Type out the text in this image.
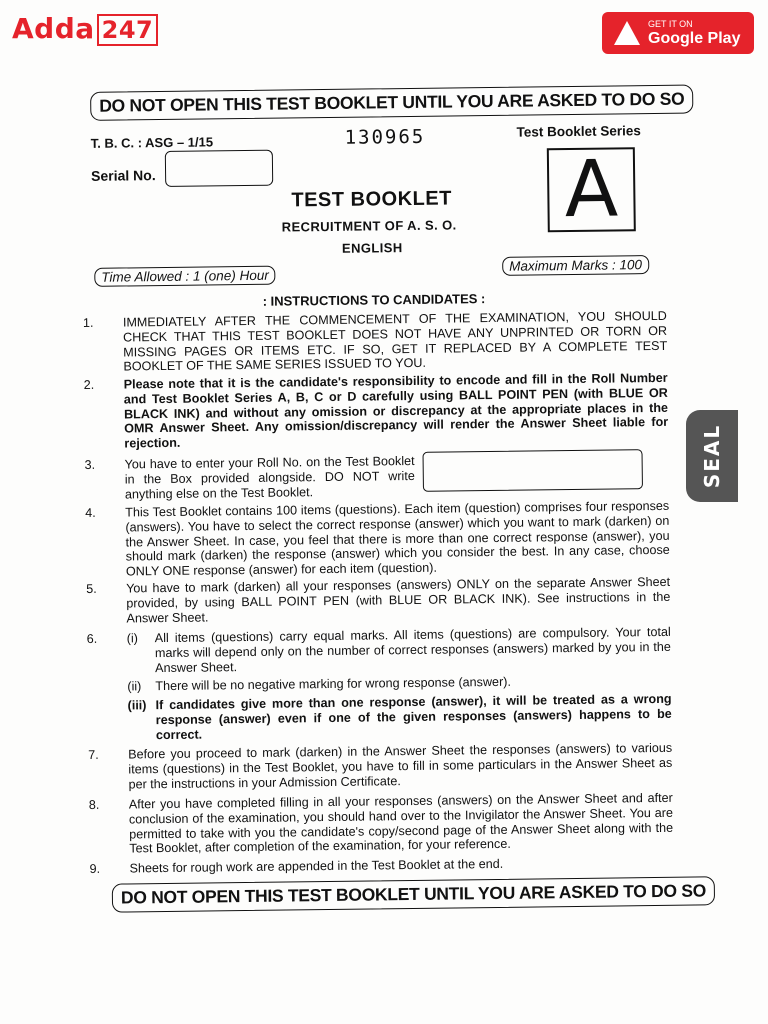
Adda 247	GET IT ON
Google Play
SEAL
DO NOT OPEN THIS TEST BOOKLET UNTIL YOU ARE ASKED TO DO SO
T. B. C. : ASG – 1/15	130965	Test Booklet Series
A
Serial No.
TEST BOOKLET
RECRUITMENT OF A. S. O.
ENGLISH
Time Allowed : 1 (one) Hour
Maximum Marks : 100
: INSTRUCTIONS TO CANDIDATES :
1.	IMMEDIATELY AFTER THE COMMENCEMENT OF THE EXAMINATION, YOU SHOULD CHECK THAT THIS TEST BOOKLET DOES NOT HAVE ANY UNPRINTED OR TORN OR MISSING PAGES OR ITEMS ETC. IF SO, GET IT REPLACED BY A COMPLETE TEST BOOKLET OF THE SAME SERIES ISSUED TO YOU.
2.	Please note that it is the candidate's responsibility to encode and fill in the Roll Number and Test Booklet Series A, B, C or D carefully using BALL POINT PEN (with BLUE OR BLACK INK) and without any omission or discrepancy at the appropriate places in the OMR Answer Sheet. Any omission/discrepancy will render the Answer Sheet liable for rejection.
3.	You have to enter your Roll No. on the Test Booklet in the Box provided alongside. DO NOT write anything else on the Test Booklet.
4.	This Test Booklet contains 100 items (questions). Each item (question) comprises four responses (answers). You have to select the correct response (answer) which you want to mark (darken) on the Answer Sheet. In case, you feel that there is more than one correct response (answer), you should mark (darken) the response (answer) which you consider the best. In any case, choose ONLY ONE response (answer) for each item (question).
5.	You have to mark (darken) all your responses (answers) ONLY on the separate Answer Sheet provided, by using BALL POINT PEN (with BLUE OR BLACK INK). See instructions in the Answer Sheet.
6.	(i) All items (questions) carry equal marks. All items (questions) are compulsory. Your total marks will depend only on the number of correct responses (answers) marked by you in the Answer Sheet.
(ii) There will be no negative marking for wrong response (answer).
(iii) If candidates give more than one response (answer), it will be treated as a wrong response (answer) even if one of the given responses (answers) happens to be correct.
7.	Before you proceed to mark (darken) in the Answer Sheet the responses (answers) to various items (questions) in the Test Booklet, you have to fill in some particulars in the Answer Sheet as per the instructions in your Admission Certificate.
8.	After you have completed filling in all your responses (answers) on the Answer Sheet and after conclusion of the examination, you should hand over to the Invigilator the Answer Sheet. You are permitted to take with you the candidate's copy/second page of the Answer Sheet along with the Test Booklet, after completion of the examination, for your reference.
9.	Sheets for rough work are appended in the Test Booklet at the end.
DO NOT OPEN THIS TEST BOOKLET UNTIL YOU ARE ASKED TO DO SO
